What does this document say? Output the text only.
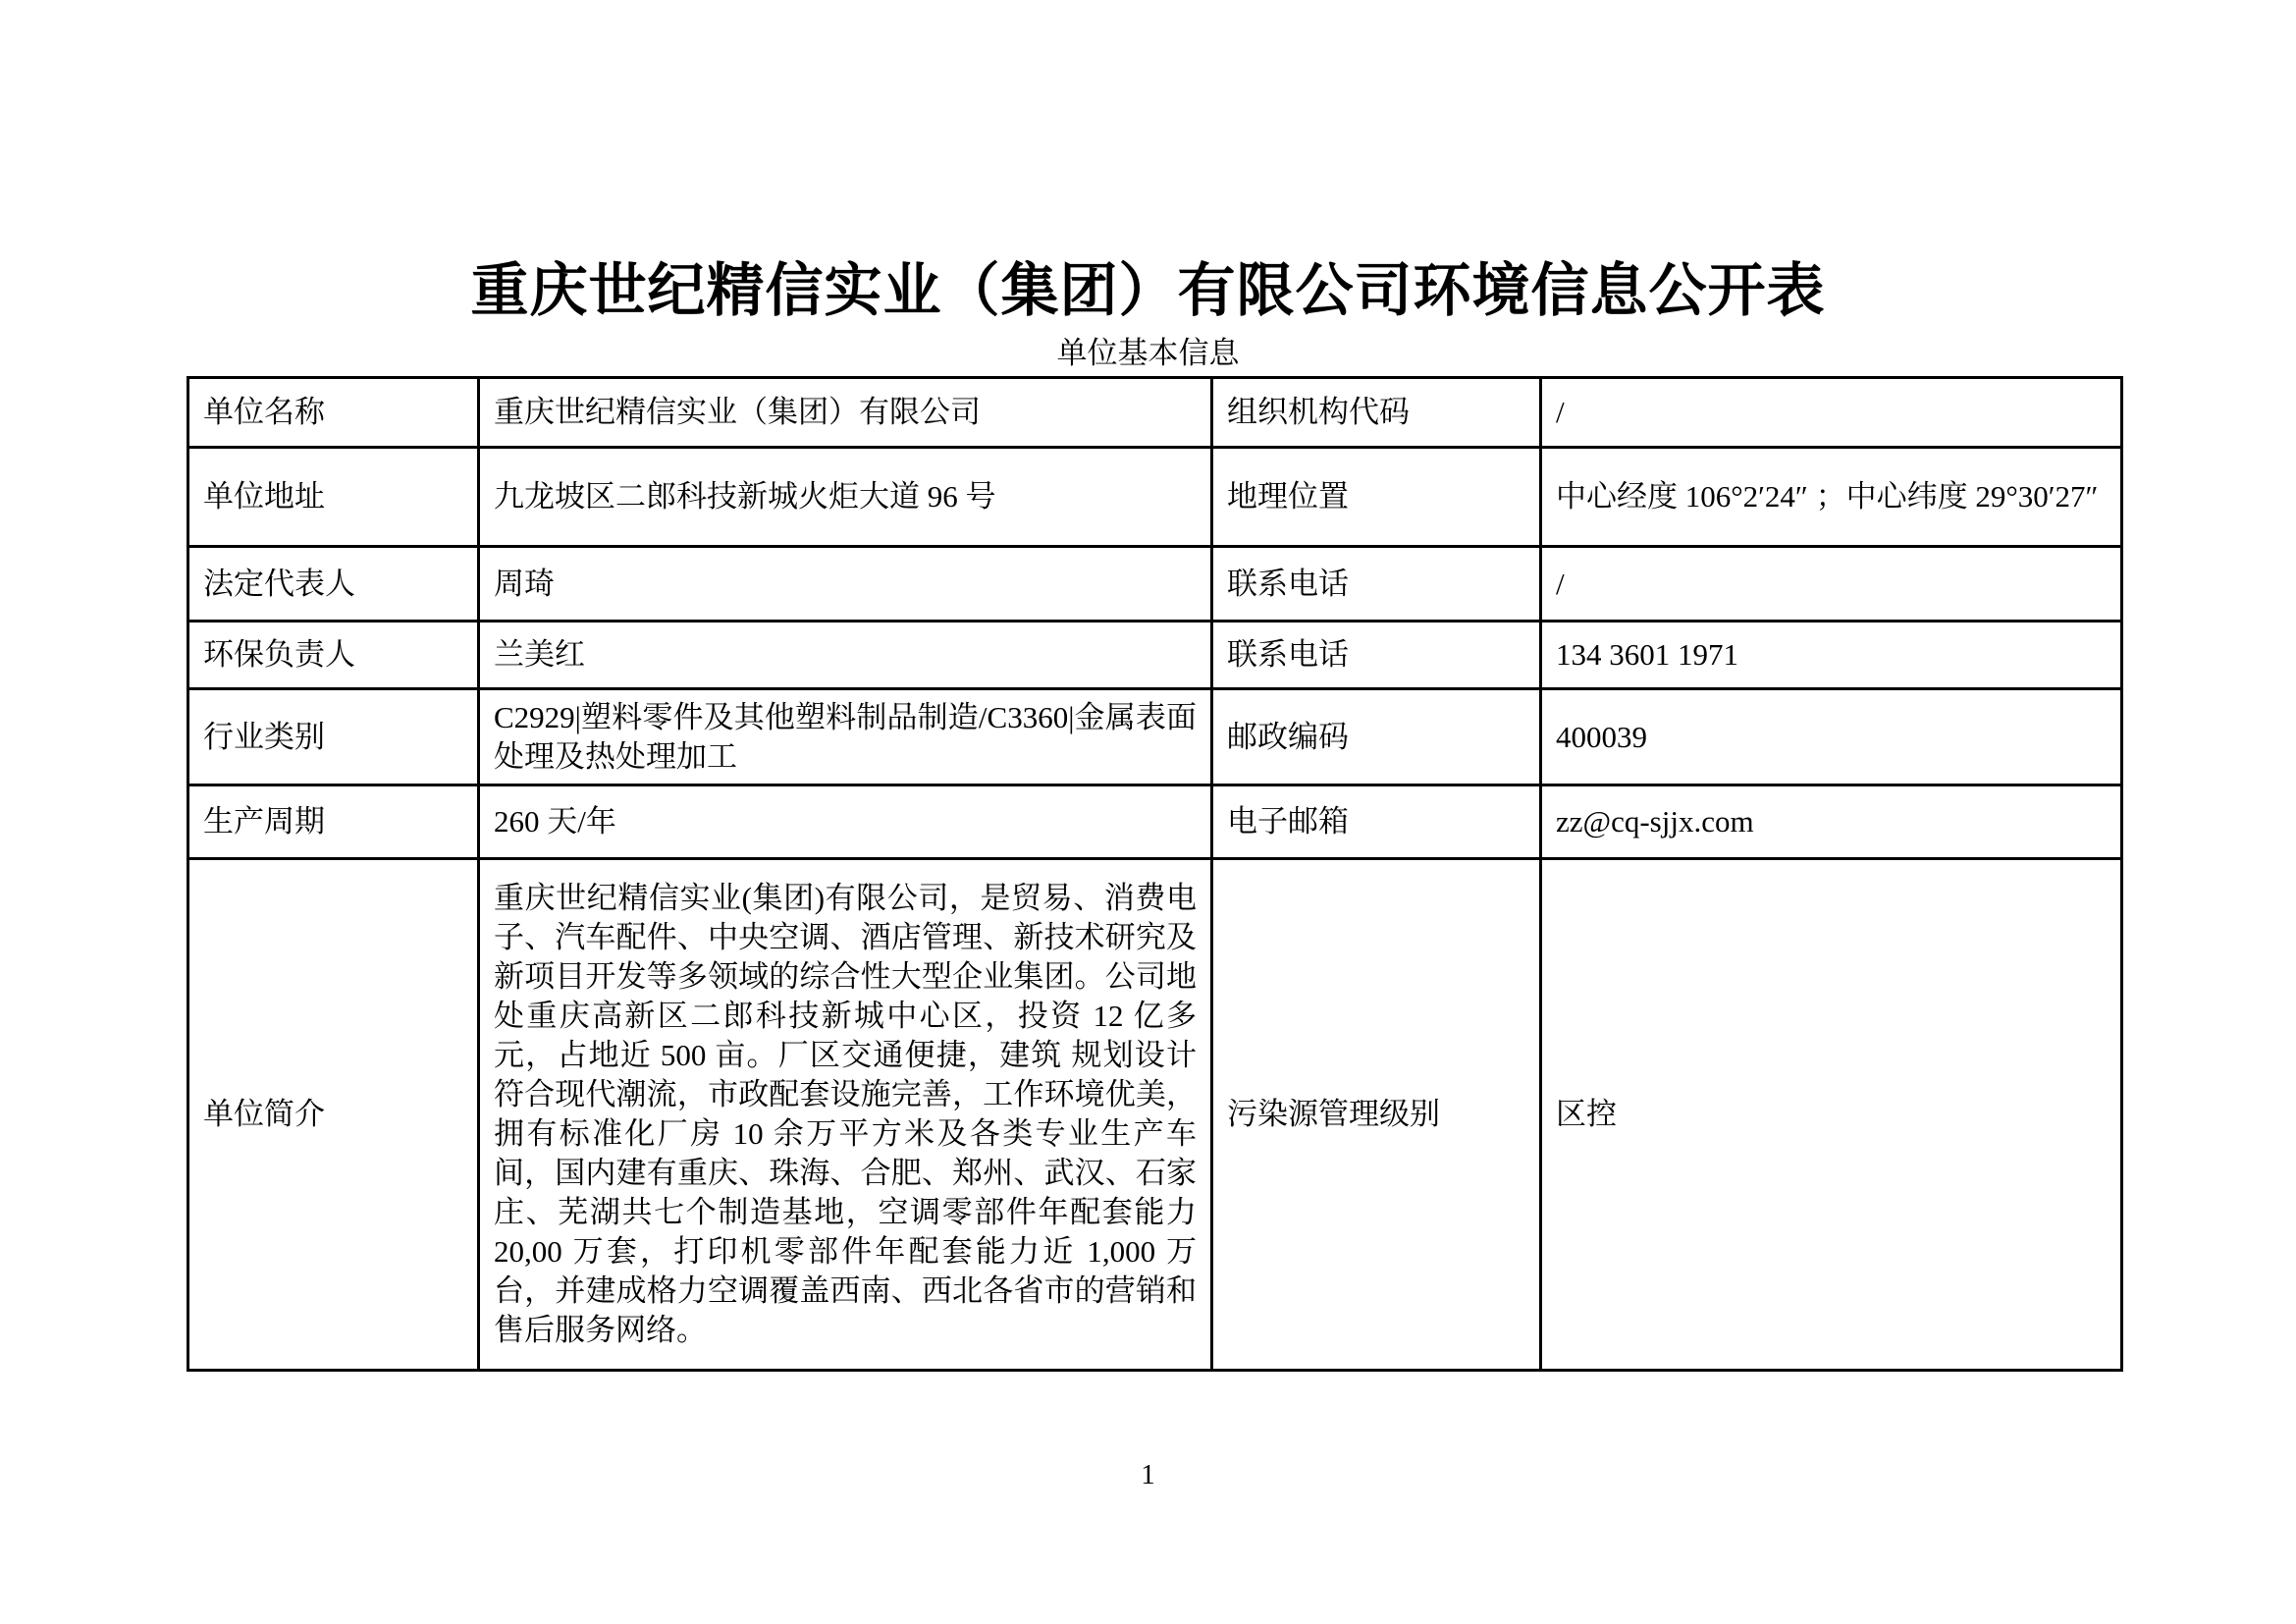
重庆世纪精信实业（集团）有限公司环境信息公开表
单位基本信息
单位名称	重庆世纪精信实业（集团）有限公司	组织机构代码	/
单位地址	九龙坡区二郎科技新城火炬大道 96 号	地理位置	中心经度 106°2′24″ ；中心纬度 29°30′27″
法定代表人	周琦	联系电话	/
环保负责人	兰美红	联系电话	134 3601 1971
行业类别	C2929|塑料零件及其他塑料制品制造/C3360|金属表面处理及热处理加工	邮政编码	400039
生产周期	260 天/年	电子邮箱	zz@cq-sjjx.com
单位简介	重庆世纪精信实业(集团)有限公司，是贸易、消费电子、汽车配件、中央空调、酒店管理、新技术研究及新项目开发等多领域的综合性大型企业集团。公司地处重庆高新区二郎科技新城中心区，投资 12 亿多元，占地近 500 亩。厂区交通便捷，建筑 规划设计符合现代潮流，市政配套设施完善，工作环境优美，拥有标准化厂房 10 余万平方米及各类专业生产车间，国内建有重庆、珠海、合肥、郑州、武汉、石家庄、芜湖共七个制造基地，空调零部件年配套能力 20,00 万套，打印机零部件年配套能力近 1,000 万台，并建成格力空调覆盖西南、西北各省市的营销和售后服务网络。	污染源管理级别	区控
1
